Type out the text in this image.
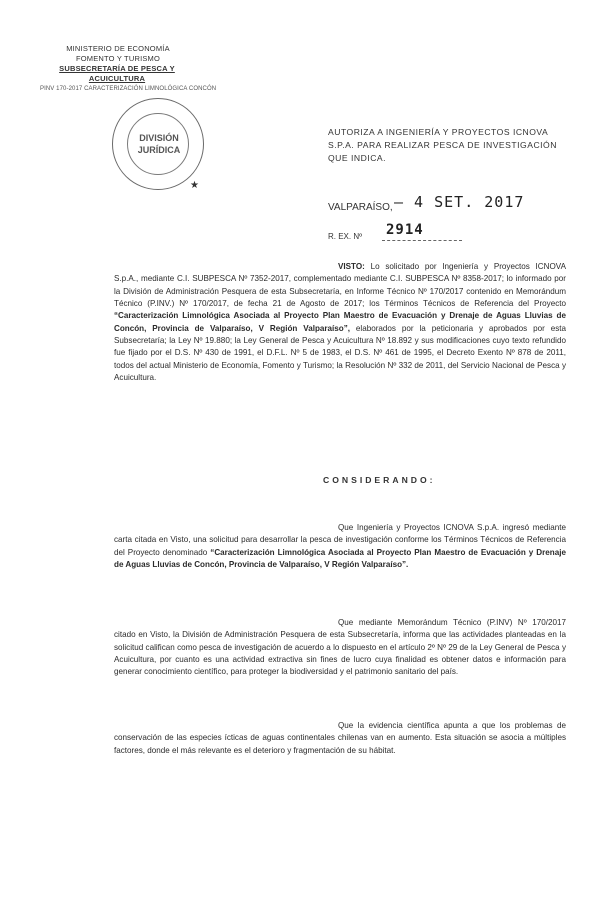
MINISTERIO DE ECONOMÍA
FOMENTO Y TURISMO
SUBSECRETARÍA DE PESCA Y ACUICULTURA
PINV 170-2017 CARACTERIZACIÓN LIMNOLÓGICA CONCÓN
DIVISIÓN
JURÍDICA
★
AUTORIZA A INGENIERÍA Y PROYECTOS ICNOVA S.P.A. PARA REALIZAR PESCA DE INVESTIGACIÓN QUE INDICA.
VALPARAÍSO, – 4 SET. 2017
R. EX. Nº 2914

VISTO: Lo solicitado por Ingeniería y Proyectos ICNOVA S.p.A., mediante C.I. SUBPESCA Nº 7352-2017, complementado mediante C.I. SUBPESCA Nº 8358-2017; lo informado por la División de Administración Pesquera de esta Subsecretaría, en Informe Técnico Nº 170/2017 contenido en Memorándum Técnico (P.INV.) Nº 170/2017, de fecha 21 de Agosto de 2017; los Términos Técnicos de Referencia del Proyecto “Caracterización Limnológica Asociada al Proyecto Plan Maestro de Evacuación y Drenaje de Aguas Lluvias de Concón, Provincia de Valparaíso, V Región Valparaíso”, elaborados por la peticionaria y aprobados por esta Subsecretaría; la Ley Nº 19.880; la Ley General de Pesca y Acuicultura Nº 18.892 y sus modificaciones cuyo texto refundido fue fijado por el D.S. Nº 430 de 1991, el D.F.L. Nº 5 de 1983, el D.S. Nº 461 de 1995, el Decreto Exento Nº 878 de 2011, todos del actual Ministerio de Economía, Fomento y Turismo; la Resolución Nº 332 de 2011, del Servicio Nacional de Pesca y Acuicultura.

CONSIDERANDO:

Que Ingeniería y Proyectos ICNOVA S.p.A. ingresó mediante carta citada en Visto, una solicitud para desarrollar la pesca de investigación conforme los Términos Técnicos de Referencia del Proyecto denominado “Caracterización Limnológica Asociada al Proyecto Plan Maestro de Evacuación y Drenaje de Aguas Lluvias de Concón, Provincia de Valparaíso, V Región Valparaíso”.

Que mediante Memorándum Técnico (P.INV) Nº 170/2017 citado en Visto, la División de Administración Pesquera de esta Subsecretaría, informa que las actividades planteadas en la solicitud califican como pesca de investigación de acuerdo a lo dispuesto en el artículo 2º Nº 29 de la Ley General de Pesca y Acuicultura, por cuanto es una actividad extractiva sin fines de lucro cuya finalidad es obtener datos e información para generar conocimiento científico, para proteger la biodiversidad y el patrimonio sanitario del país.

Que la evidencia científica apunta a que los problemas de conservación de las especies ícticas de aguas continentales chilenas van en aumento. Esta situación se asocia a múltiples factores, donde el más relevante es el deterioro y fragmentación de su hábitat.
